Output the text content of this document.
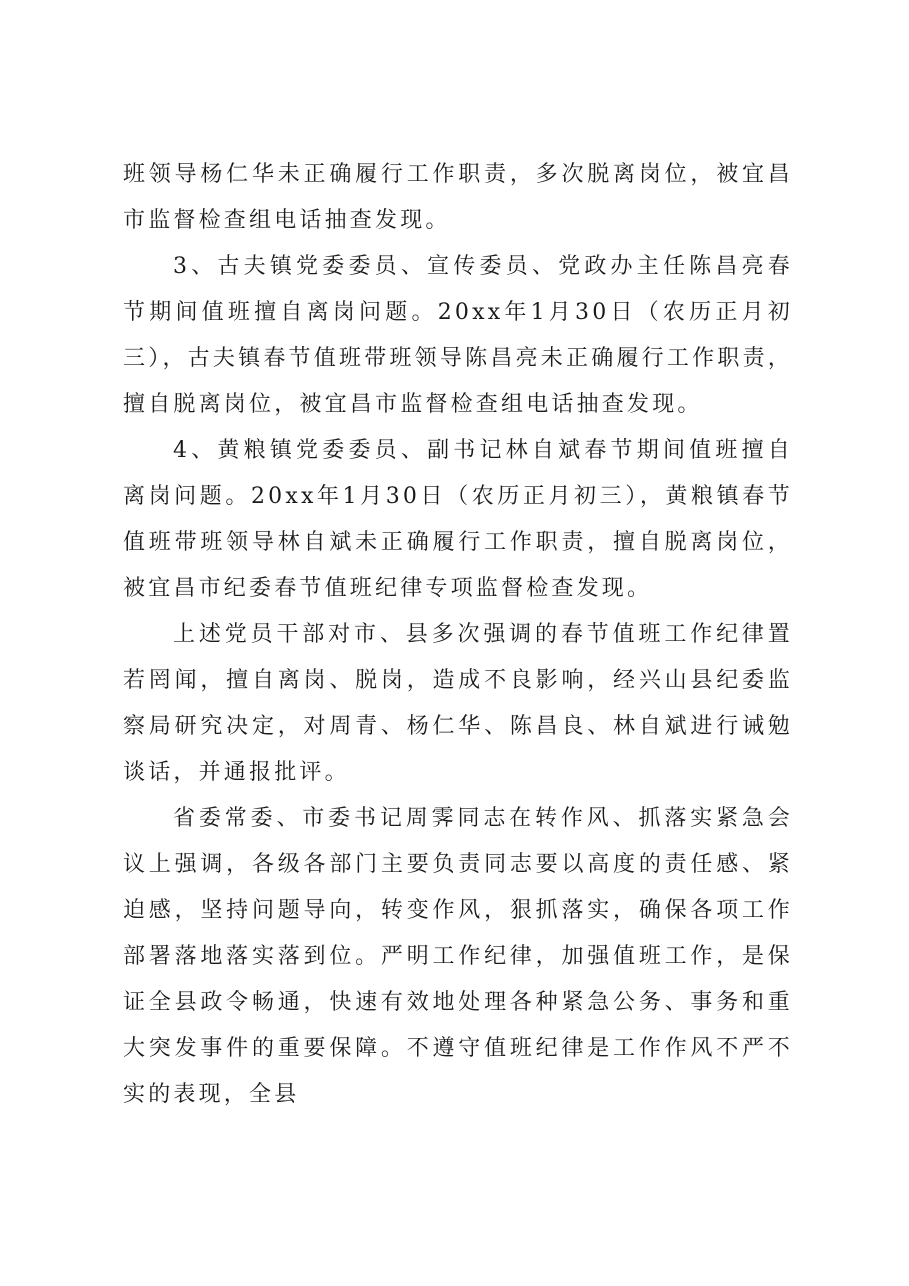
班领导杨仁华未正确履行工作职责，多次脱离岗位，被宜昌市监督检查组电话抽查发现。

3、古夫镇党委委员、宣传委员、党政办主任陈昌亮春节期间值班擅自离岗问题。20xx年1月30日（农历正月初三），古夫镇春节值班带班领导陈昌亮未正确履行工作职责，擅自脱离岗位，被宜昌市监督检查组电话抽查发现。

4、黄粮镇党委委员、副书记林自斌春节期间值班擅自离岗问题。20xx年1月30日（农历正月初三），黄粮镇春节值班带班领导林自斌未正确履行工作职责，擅自脱离岗位，被宜昌市纪委春节值班纪律专项监督检查发现。

上述党员干部对市、县多次强调的春节值班工作纪律置若罔闻，擅自离岗、脱岗，造成不良影响，经兴山县纪委监察局研究决定，对周青、杨仁华、陈昌良、林自斌进行诫勉谈话，并通报批评。

省委常委、市委书记周霁同志在转作风、抓落实紧急会议上强调，各级各部门主要负责同志要以高度的责任感、紧迫感，坚持问题导向，转变作风，狠抓落实，确保各项工作部署落地落实落到位。严明工作纪律，加强值班工作，是保证全县政令畅通，快速有效地处理各种紧急公务、事务和重大突发事件的重要保障。不遵守值班纪律是工作作风不严不实的表现，全县
